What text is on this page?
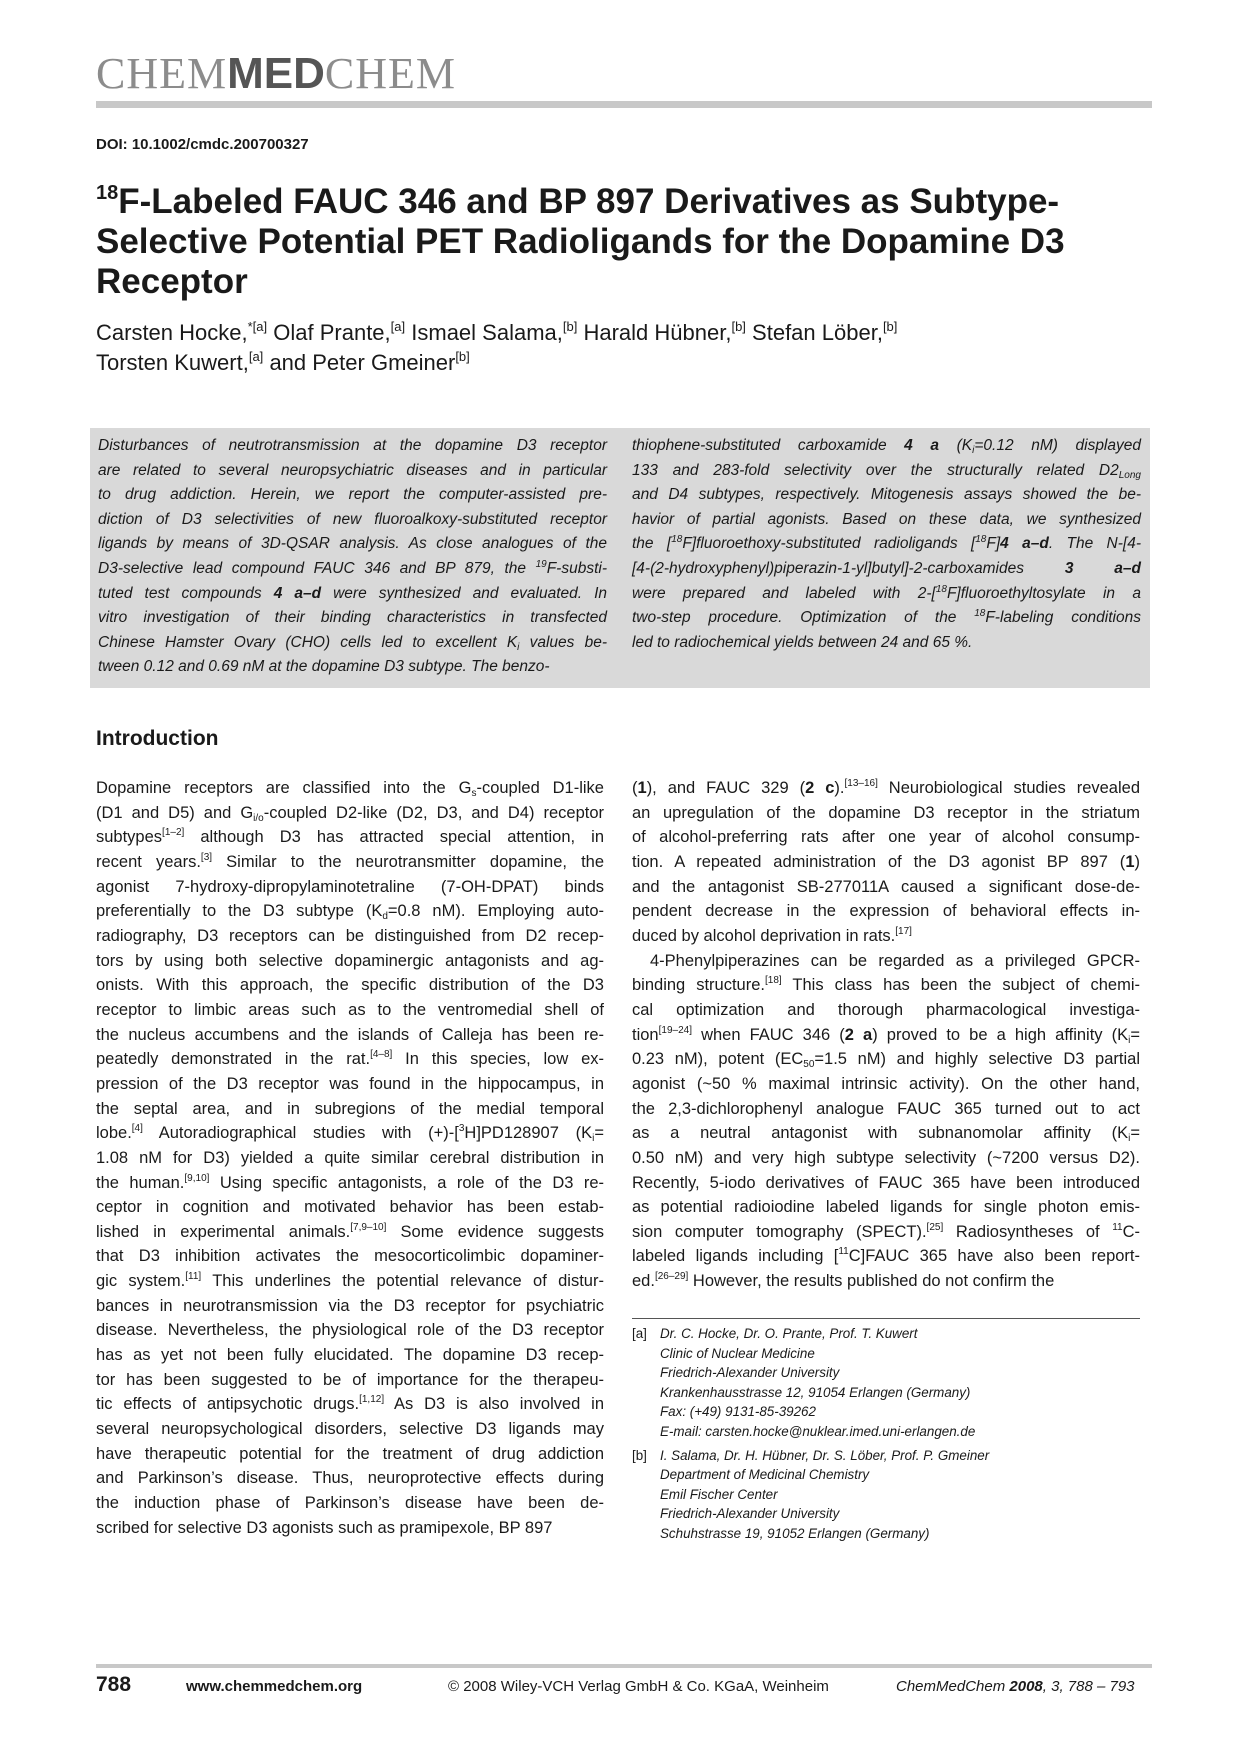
CHEMMEDCHEM
DOI: 10.1002/cmdc.200700327
$^{18}$F-Labeled FAUC 346 and BP 897 Derivatives as Subtype-
Selective Potential PET Radioligands for the Dopamine D3
Receptor
Carsten Hocke,$^{*[a]}$ Olaf Prante,[a] Ismael Salama,[b] Harald Hübner,[b] Stefan Löber,[b]
Torsten Kuwert,[a] and Peter Gmeiner[b]
Disturbances of neutrotransmission at the dopamine D3 receptor
are related to several neuropsychiatric diseases and in particular
to drug addiction. Herein, we report the computer-assisted pre-
diction of D3 selectivities of new fluoroalkoxy-substituted receptor
ligands by means of 3D-QSAR analysis. As close analogues of the
D3-selective lead compound FAUC 346 and BP 879, the $^{19}$F-substi-
tuted test compounds 4 a–d were synthesized and evaluated. In
vitro investigation of their binding characteristics in transfected
Chinese Hamster Ovary (CHO) cells led to excellent $K_i$ values be-
tween 0.12 and 0.69 nM at the dopamine D3 subtype. The benzo-
thiophene-substituted carboxamide 4 a ($K_i=0.12$ nM) displayed
133 and 283-fold selectivity over the structurally related $D2_{Long}$
and D4 subtypes, respectively. Mitogenesis assays showed the be-
havior of partial agonists. Based on these data, we synthesized
the [$^{18}$F]fluoroethoxy-substituted radioligands [$^{18}$F]4 a–d. The N-[4-
[4-(2-hydroxyphenyl)piperazin-1-yl]butyl]-2-carboxamides 3 a–d
were prepared and labeled with 2-[$^{18}$F]fluoroethyltosylate in a
two-step procedure. Optimization of the $^{18}$F-labeling conditions
led to radiochemical yields between 24 and 65 %.
Introduction
Dopamine receptors are classified into the $G_s$-coupled D1-like
(D1 and D5) and $G_{i/o}$-coupled D2-like (D2, D3, and D4) receptor
subtypes[1–2] although D3 has attracted special attention, in
recent years.[3] Similar to the neurotransmitter dopamine, the
agonist 7-hydroxy-dipropylaminotetraline (7-OH-DPAT) binds
preferentially to the D3 subtype ($K_d=0.8$ nM). Employing auto-
radiography, D3 receptors can be distinguished from D2 recep-
tors by using both selective dopaminergic antagonists and ag-
onists. With this approach, the specific distribution of the D3
receptor to limbic areas such as to the ventromedial shell of
the nucleus accumbens and the islands of Calleja has been re-
peatedly demonstrated in the rat.[4–8] In this species, low ex-
pression of the D3 receptor was found in the hippocampus, in
the septal area, and in subregions of the medial temporal
lobe.[4] Autoradiographical studies with (+)-[$^3$H]PD128907 ($K_i=$
1.08 nM for D3) yielded a quite similar cerebral distribution in
the human.[9,10] Using specific antagonists, a role of the D3 re-
ceptor in cognition and motivated behavior has been estab-
lished in experimental animals.[7,9–10] Some evidence suggests
that D3 inhibition activates the mesocorticolimbic dopaminer-
gic system.[11] This underlines the potential relevance of distur-
bances in neurotransmission via the D3 receptor for psychiatric
disease. Nevertheless, the physiological role of the D3 receptor
has as yet not been fully elucidated. The dopamine D3 recep-
tor has been suggested to be of importance for the therapeu-
tic effects of antipsychotic drugs.[1,12] As D3 is also involved in
several neuropsychological disorders, selective D3 ligands may
have therapeutic potential for the treatment of drug addiction
and Parkinson’s disease. Thus, neuroprotective effects during
the induction phase of Parkinson’s disease have been de-
scribed for selective D3 agonists such as pramipexole, BP 897
(1), and FAUC 329 (2 c).[13–16] Neurobiological studies revealed
an upregulation of the dopamine D3 receptor in the striatum
of alcohol-preferring rats after one year of alcohol consump-
tion. A repeated administration of the D3 agonist BP 897 (1)
and the antagonist SB-277011A caused a significant dose-de-
pendent decrease in the expression of behavioral effects in-
duced by alcohol deprivation in rats.[17]
4-Phenylpiperazines can be regarded as a privileged GPCR-
binding structure.[18] This class has been the subject of chemi-
cal optimization and thorough pharmacological investiga-
tion[19–24] when FAUC 346 (2 a) proved to be a high affinity ($K_i=$
0.23 nM), potent ($EC_{50}=1.5$ nM) and highly selective D3 partial
agonist (~50 % maximal intrinsic activity). On the other hand,
the 2,3-dichlorophenyl analogue FAUC 365 turned out to act
as a neutral antagonist with subnanomolar affinity ($K_i=$
0.50 nM) and very high subtype selectivity (~7200 versus D2).
Recently, 5-iodo derivatives of FAUC 365 have been introduced
as potential radioiodine labeled ligands for single photon emis-
sion computer tomography (SPECT).[25] Radiosyntheses of $^{11}$C-
labeled ligands including [$^{11}$C]FAUC 365 have also been report-
ed.[26–29] However, the results published do not confirm the
[a] Dr. C. Hocke, Dr. O. Prante, Prof. T. Kuwert
Clinic of Nuclear Medicine
Friedrich-Alexander University
Krankenhausstrasse 12, 91054 Erlangen (Germany)
Fax: (+49) 9131-85-39262
E-mail: carsten.hocke@nuklear.imed.uni-erlangen.de
[b] I. Salama, Dr. H. Hübner, Dr. S. Löber, Prof. P. Gmeiner
Department of Medicinal Chemistry
Emil Fischer Center
Friedrich-Alexander University
Schuhstrasse 19, 91052 Erlangen (Germany)
788	www.chemmedchem.org	© 2008 Wiley-VCH Verlag GmbH & Co. KGaA, Weinheim	ChemMedChem 2008, 3, 788 – 793
